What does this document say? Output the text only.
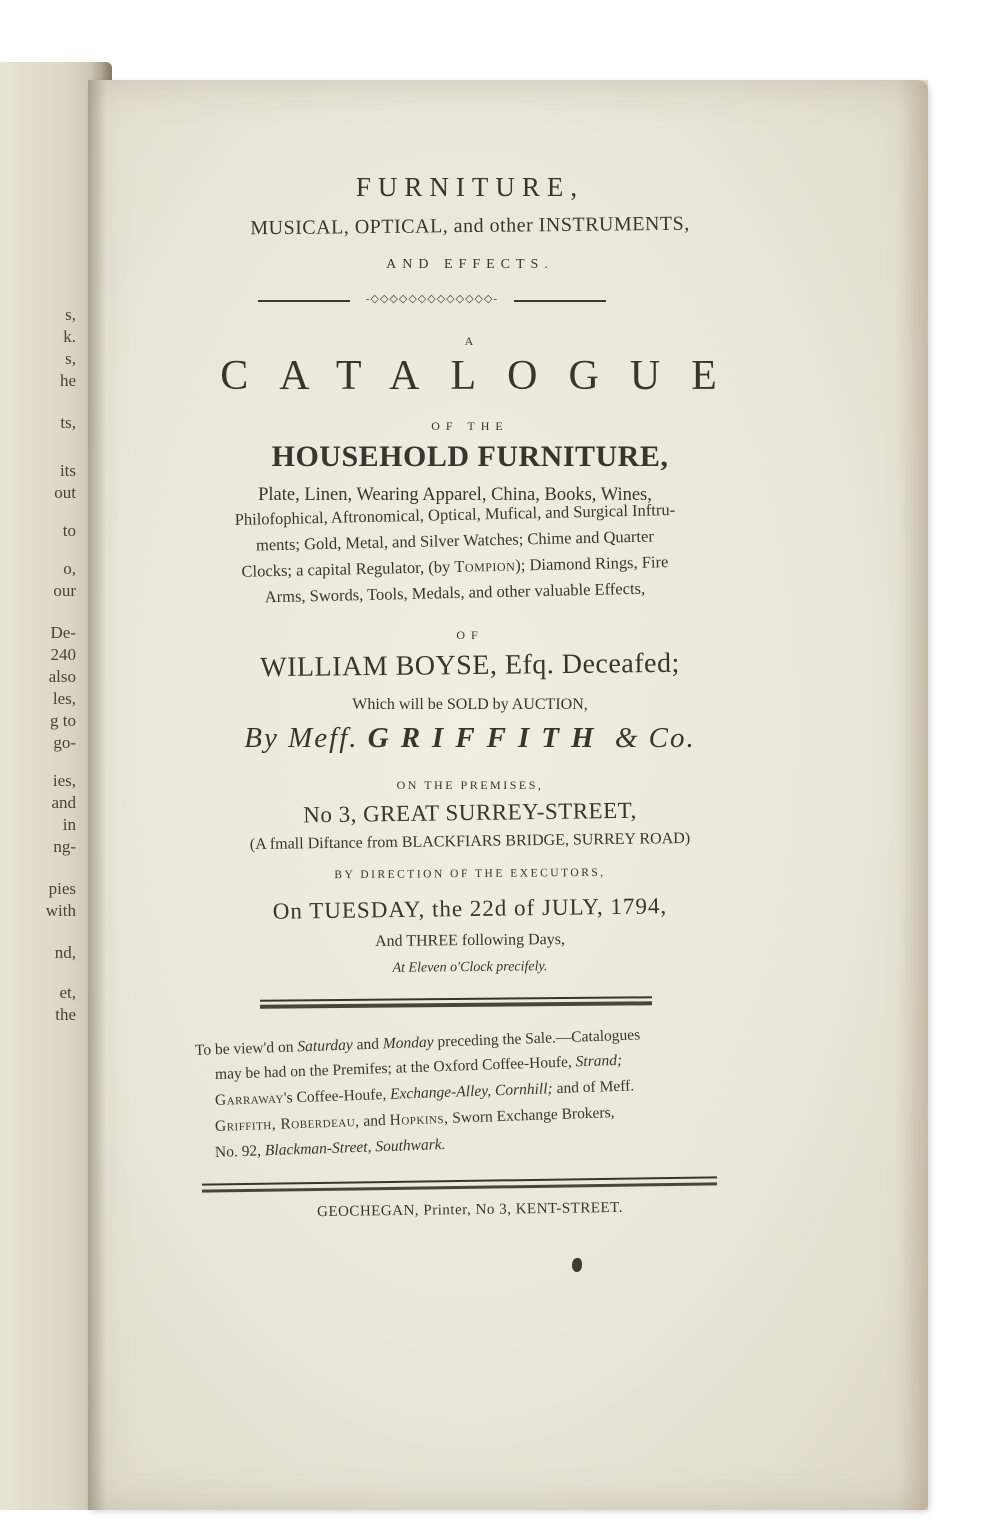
s,
k.
s,
he
ts,
its
out
to
o,
our
De-
240
also
les,
g to
go-
ies,
and
in
ng-
pies
with
nd,
et,
the
FURNITURE,
MUSICAL, OPTICAL, and other INSTRUMENTS,
AND EFFECTS.
-◇◇◇◇◇◇◇◇◇◇◇◇◇-
A
CATALOGUE
OF THE
HOUSEHOLD FURNITURE,
Plate, Linen, Wearing Apparel, China, Books, Wines,
Philofophical, Aftronomical, Optical, Mufical, and Surgical Inftru-
ments; Gold, Metal, and Silver Watches; Chime and Quarter
Clocks; a capital Regulator, (by Tompion); Diamond Rings, Fire
Arms, Swords, Tools, Medals, and other valuable Effects,
OF
WILLIAM BOYSE, Efq. Deceafed;
Which will be SOLD by AUCTION,
By Meff. GRIFFITH & Co.
ON THE PREMISES,
No 3, GREAT SURREY-STREET,
(A fmall Diftance from BLACKFIARS BRIDGE, SURREY ROAD)
BY DIRECTION OF THE EXECUTORS,
On TUESDAY, the 22d of JULY, 1794,
And THREE following Days,
At Eleven o'Clock precifely.
To be view'd on Saturday and Monday preceding the Sale.—Catalogues
may be had on the Premifes; at the Oxford Coffee-Houfe, Strand;
Garraway's Coffee-Houfe, Exchange-Alley, Cornhill; and of Meff.
Griffith, Roberdeau, and Hopkins, Sworn Exchange Brokers,
No. 92, Blackman-Street, Southwark.
GEOCHEGAN, Printer, No 3, KENT-STREET.
